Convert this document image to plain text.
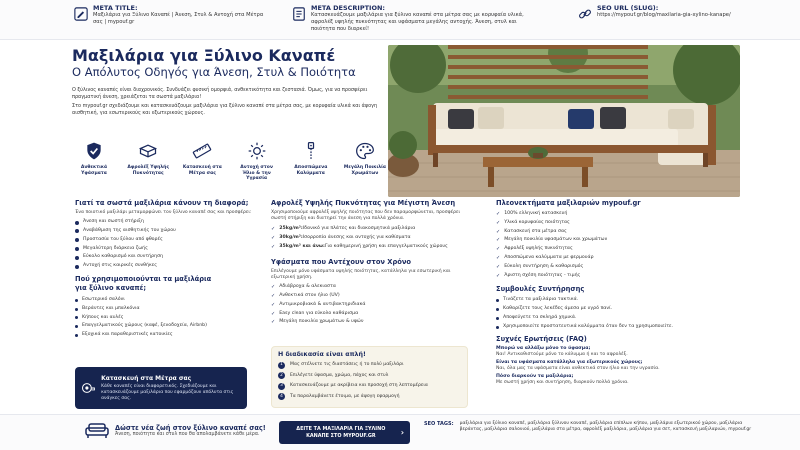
META TITLE:
Μαξιλάρια για Ξύλινο Καναπέ | Άνεση, Στυλ & Αντοχή στα Μέτρα σας | mypouf.gr
META DESCRIPTION:
Κατασκευάζουμε μαξιλάρια για ξύλινο καναπέ στα μέτρα σας με κορυφαία υλικά, αφρολέξ υψηλής πυκνότητας και υφάσματα μεγάλης αντοχής. Άνεση, στυλ και ποιότητα που διαρκεί!
SEO URL (SLUG):
https://mypouf.gr/blog/maxilaria-gia-xylino-kanape/
Μαξιλάρια για Ξύλινο Καναπέ
Ο Απόλυτος Οδηγός για Άνεση, Στυλ & Ποιότητα

Ο ξύλινος καναπές είναι διαχρονικός. Συνδυάζει φυσική ομορφιά, ανθεκτικότητα και ζεστασιά. Όμως, για να προσφέρει πραγματική άνεση, χρειάζεται τα σωστά μαξιλάρια!

Στο mypouf.gr σχεδιάζουμε και κατασκευάζουμε μαξιλάρια για ξύλινο καναπέ στα μέτρα σας, με κορυφαία υλικά και άψογη αισθητική, για εσωτερικούς και εξωτερικούς χώρους.

Ανθεκτικά Υφάσματα
Αφρολέξ Υψηλής Πυκνότητας
Κατασκευή στα Μέτρα σας
Αντοχή στον Ήλιο & την Υγρασία
Αποσπώμενα Καλύμματα
Μεγάλη Ποικιλία Χρωμάτων
Γιατί τα σωστά μαξιλάρια κάνουν τη διαφορά;
Ένα ποιοτικό μαξιλάρι μεταμορφώνει τον ξύλινο καναπέ σας και προσφέρει:
Άνεση και σωστή στήριξη
Αναβάθμιση της αισθητικής του χώρου
Προστασία του ξύλου από φθορές
Μεγαλύτερη διάρκεια ζωής
Εύκολο καθαρισμό και συντήρηση
Αντοχή στις καιρικές συνθήκες
Πού χρησιμοποιούνται τα μαξιλάρια για ξύλινο καναπέ;
Εσωτερικό σαλόνι
Βεράντες και μπαλκόνια
Κήπους και αυλές
Επαγγελματικούς χώρους (καφέ, ξενοδοχεία, Airbnb)
Εξοχικά και παραθεριστικές κατοικίες
Κατασκευή στα Μέτρα σας
Κάθε καναπές είναι διαφορετικός. Σχεδιάζουμε και κατασκευάζουμε μαξιλάρια που εφαρμόζουν απόλυτα στις ανάγκες σας.
Αφρολέξ Υψηλής Πυκνότητας για Μέγιστη Άνεση
Χρησιμοποιούμε αφρολέξ υψηλής ποιότητας που δεν παραμορφώνεται, προσφέρει σωστή στήριξη και διατηρεί την άνεση για πολλά χρόνια.
✓ 25kg/m³: Ιδανικό για πλάτες και διακοσμητικά μαξιλάρια
✓ 30kg/m³: Ισορροπία άνεσης και αντοχής για καθίσματα
✓ 35kg/m³ και άνω: Για καθημερινή χρήση και επαγγελματικούς χώρους
Υφάσματα που Αντέχουν στον Χρόνο
Επιλέγουμε μόνο υφάσματα υψηλής ποιότητας, κατάλληλα για εσωτερική και εξωτερική χρήση.
✓ Αδιάβροχα & αλεκιαστα
✓ Ανθεκτικά στον ήλιο (UV)
✓ Αντιμικροβιακά & αντιβακτηριδιακά
✓ Easy clean για εύκολο καθάρισμα
✓ Μεγάλη ποικιλία χρωμάτων & υφών
Η διαδικασία είναι απλή!
1	Μας στέλνετε τις διαστάσεις ή το πολύ μαξιλάρι
2	Επιλέγετε ύφασμα, χρώμα, πάχος και στυλ
3	Κατασκευάζουμε με ακρίβεια και προσοχή στη λεπτομέρεια
4	Τα παραλαμβάνετε έτοιμα, με άψογη εφαρμογή
Πλεονεκτήματα μαξιλαριών mypouf.gr
✓ 100% ελληνική κατασκευή
✓ Υλικά κορυφαίας ποιότητας
✓ Κατασκευή στα μέτρα σας
✓ Μεγάλη ποικιλία υφασμάτων και χρωμάτων
✓ Αφρολέξ υψηλής πυκνότητας
✓ Αποσπώμενα καλύμματα με φερμουάρ
✓ Εύκολη συντήρηση & καθαρισμός
✓ Άριστη σχέση ποιότητας - τιμής
Συμβουλές Συντήρησης
Τινάζετε τα μαξιλάρια τακτικά.
Καθαρίζετε τους λεκέδες άμεσα με υγρό πανί.
Αποφεύγετε τα σκληρά χημικά.
Χρησιμοποιείτε προστατευτικά καλύμματα όταν δεν τα χρησιμοποιείτε.
Συχνές Ερωτήσεις (FAQ)
Μπορώ να αλλάξω μόνο το ύφασμα;
Ναι! Αντικαθιστούμε μόνο το κάλυμμα ή και το αφρολέξ.
Είναι τα υφάσματα κατάλληλα για εξωτερικούς χώρους;
Ναι, όλα μας τα υφάσματα είναι ανθεκτικά στον ήλιο και την υγρασία.
Πόσο διαρκούν τα μαξιλάρια;
Με σωστή χρήση και συντήρηση, διαρκούν πολλά χρόνια.
Δώστε νέα ζωή στον ξύλινο καναπέ σας!
Άνεση, ποιότητα και στυλ που θα απολαμβάνετε κάθε μέρα.
ΔΕΙΤΕ ΤΑ ΜΑΞΙΛΑΡΙΑ ΓΙΑ ΞΥΛΙΝΟ ΚΑΝΑΠΕ ΣΤΟ MYPOUF.GR	›
SEO TAGS: μαξιλάρια για ξύλινο καναπέ, μαξιλάρια ξύλινου καναπέ, μαξιλάρια επίπλων κήπου, μαξιλάρια εξωτερικού χώρου, μαξιλάρια βεράντας, μαξιλάρια σαλονιού, μαξιλάρια στα μέτρα, αφρολέξ μαξιλάρια, μαξιλάρια για σετ, κατασκευή μαξιλαριών, mypouf.gr
